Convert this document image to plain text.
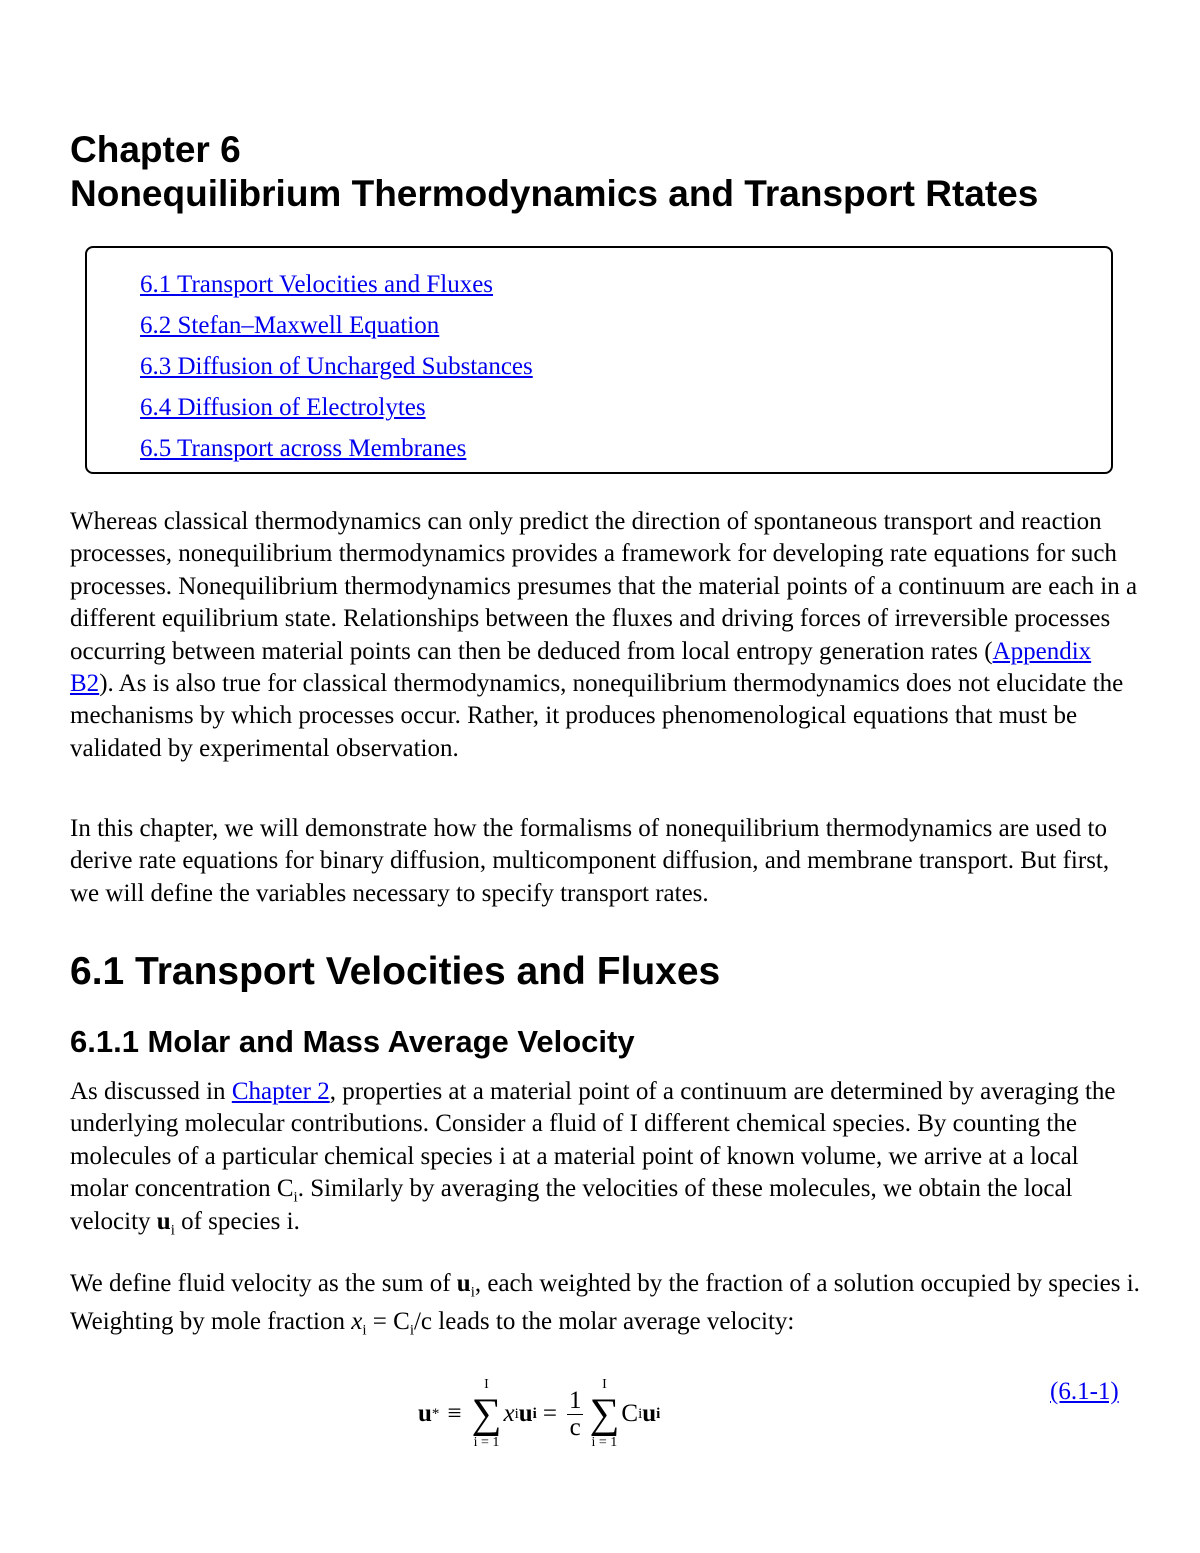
Chapter 6
Nonequilibrium Thermodynamics and Transport Rtates
6.1 Transport Velocities and Fluxes
6.2 Stefan–Maxwell Equation
6.3 Diffusion of Uncharged Substances
6.4 Diffusion of Electrolytes
6.5 Transport across Membranes

Whereas classical thermodynamics can only predict the direction of spontaneous transport and reaction processes, nonequilibrium thermodynamics provides a framework for developing rate equations for such processes. Nonequilibrium thermodynamics presumes that the material points of a continuum are each in a different equilibrium state. Relationships between the fluxes and driving forces of irreversible processes occurring between material points can then be deduced from local entropy generation rates (Appendix B2). As is also true for classical thermodynamics, nonequilibrium thermodynamics does not elucidate the mechanisms by which processes occur. Rather, it produces phenomenological equations that must be validated by experimental observation.

In this chapter, we will demonstrate how the formalisms of nonequilibrium thermodynamics are used to derive rate equations for binary diffusion, multicomponent diffusion, and membrane transport. But first, we will define the variables necessary to specify transport rates.

6.1 Transport Velocities and Fluxes
6.1.1 Molar and Mass Average Velocity

As discussed in Chapter 2, properties at a material point of a continuum are determined by averaging the underlying molecular contributions. Consider a fluid of I different chemical species. By counting the molecules of a particular chemical species i at a material point of known volume, we arrive at a local molar concentration $C_i$. Similarly by averaging the velocities of these molecules, we obtain the local velocity $u_i$ of species i.

We define fluid velocity as the sum of $u_i$, each weighted by the fraction of a solution occupied by species i. Weighting by mole fraction $x_i = C_i/c$ leads to the molar average velocity:

u * ≡
I
∑
i = 1
x i u $i = \frac{1}{c}$
I
∑
i = 1
C i u i
(6.1-1)
